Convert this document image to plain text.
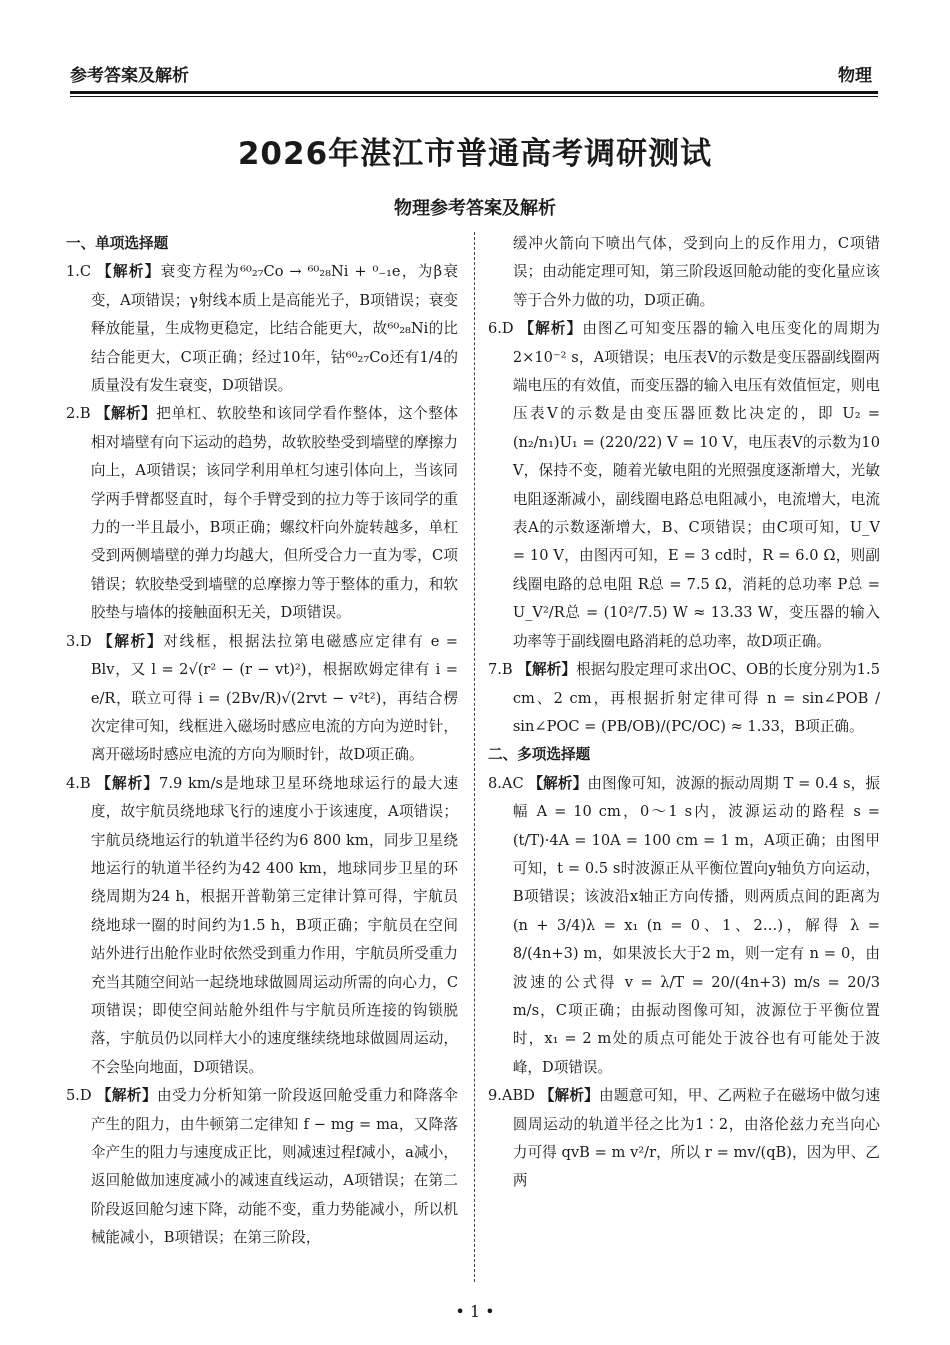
参考答案及解析	物理
2026年湛江市普通高考调研测试
物理参考答案及解析
一、单项选择题
1.C 【解析】衰变方程为⁶⁰₂₇Co → ⁶⁰₂₈Ni + ⁰₋₁e，为β衰变，A项错误；γ射线本质上是高能光子，B项错误；衰变释放能量，生成物更稳定，比结合能更大，故⁶⁰₂₈Ni的比结合能更大，C项正确；经过10年，钴⁶⁰₂₇Co还有1/4的质量没有发生衰变，D项错误。
2.B 【解析】把单杠、软胶垫和该同学看作整体，这个整体相对墙壁有向下运动的趋势，故软胶垫受到墙壁的摩擦力向上，A项错误；该同学利用单杠匀速引体向上，当该同学两手臂都竖直时，每个手臂受到的拉力等于该同学的重力的一半且最小，B项正确；螺纹杆向外旋转越多，单杠受到两侧墙壁的弹力均越大，但所受合力一直为零，C项错误；软胶垫受到墙壁的总摩擦力等于整体的重力，和软胶垫与墙体的接触面积无关，D项错误。
3.D 【解析】对线框，根据法拉第电磁感应定律有 e = Blv，又 l = 2√(r² − (r − vt)²)，根据欧姆定律有 i = e/R，联立可得 i = (2Bv/R)√(2rvt − v²t²)，再结合楞次定律可知，线框进入磁场时感应电流的方向为逆时针，离开磁场时感应电流的方向为顺时针，故D项正确。
4.B 【解析】7.9 km/s是地球卫星环绕地球运行的最大速度，故宇航员绕地球飞行的速度小于该速度，A项错误；宇航员绕地运行的轨道半径约为6 800 km，同步卫星绕地运行的轨道半径约为42 400 km，地球同步卫星的环绕周期为24 h，根据开普勒第三定律计算可得，宇航员绕地球一圈的时间约为1.5 h，B项正确；宇航员在空间站外进行出舱作业时依然受到重力作用，宇航员所受重力充当其随空间站一起绕地球做圆周运动所需的向心力，C项错误；即使空间站舱外组件与宇航员所连接的钩锁脱落，宇航员仍以同样大小的速度继续绕地球做圆周运动，不会坠向地面，D项错误。
5.D 【解析】由受力分析知第一阶段返回舱受重力和降落伞产生的阻力，由牛顿第二定律知 f − mg = ma，又降落伞产生的阻力与速度成正比，则减速过程f减小，a减小，返回舱做加速度减小的减速直线运动，A项错误；在第二阶段返回舱匀速下降，动能不变，重力势能减小，所以机械能减小，B项错误；在第三阶段，
缓冲火箭向下喷出气体，受到向上的反作用力，C项错误；由动能定理可知，第三阶段返回舱动能的变化量应该等于合外力做的功，D项正确。
6.D 【解析】由图乙可知变压器的输入电压变化的周期为2×10⁻² s，A项错误；电压表V的示数是变压器副线圈两端电压的有效值，而变压器的输入电压有效值恒定，则电压表V的示数是由变压器匝数比决定的，即 U₂ = (n₂/n₁)U₁ = (220/22) V = 10 V，电压表V的示数为10 V，保持不变，随着光敏电阻的光照强度逐渐增大，光敏电阻逐渐减小，副线圈电路总电阻减小，电流增大，电流表A的示数逐渐增大，B、C项错误；由C项可知，U_V = 10 V，由图丙可知，E = 3 cd时，R = 6.0 Ω，则副线圈电路的总电阻 R总 = 7.5 Ω，消耗的总功率 P总 = U_V²/R总 = (10²/7.5) W ≈ 13.33 W，变压器的输入功率等于副线圈电路消耗的总功率，故D项正确。
7.B 【解析】根据勾股定理可求出OC、OB的长度分别为1.5 cm、2 cm，再根据折射定律可得 n = sin∠POB / sin∠POC = (PB/OB)/(PC/OC) ≈ 1.33，B项正确。
二、多项选择题
8.AC 【解析】由图像可知，波源的振动周期 T = 0.4 s，振幅 A = 10 cm，0～1 s内，波源运动的路程 s = (t/T)·4A = 10A = 100 cm = 1 m，A项正确；由图甲可知，t = 0.5 s时波源正从平衡位置向y轴负方向运动，B项错误；该波沿x轴正方向传播，则两质点间的距离为 (n + 3/4)λ = x₁ (n = 0、1、2…)，解得 λ = 8/(4n+3) m，如果波长大于2 m，则一定有 n = 0，由波速的公式得 v = λ/T = 20/(4n+3) m/s = 20/3 m/s，C项正确；由振动图像可知，波源位于平衡位置时，x₁ = 2 m处的质点可能处于波谷也有可能处于波峰，D项错误。
9.ABD 【解析】由题意可知，甲、乙两粒子在磁场中做匀速圆周运动的轨道半径之比为1∶2，由洛伦兹力充当向心力可得 qvB = m v²/r，所以 r = mv/(qB)，因为甲、乙两
• 1 •
